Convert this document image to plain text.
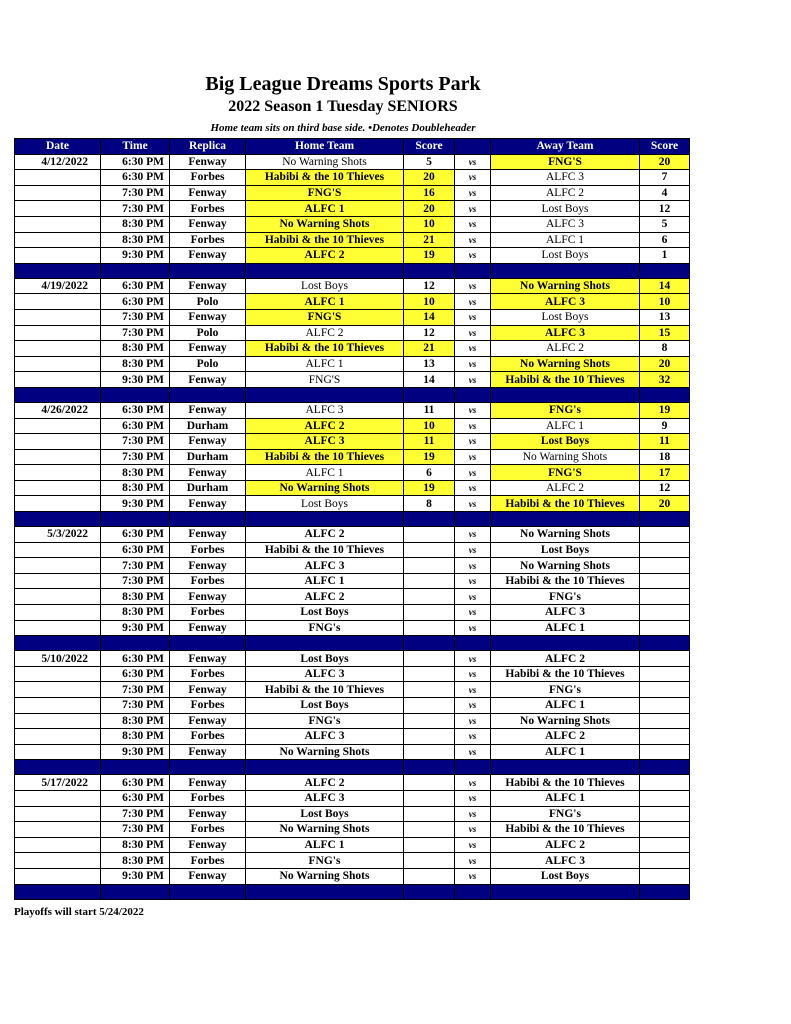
Big League Dreams Sports Park
2022 Season 1 Tuesday SENIORS
Home team sits on third base side. •Denotes Doubleheader
Date	Time	Replica	Home Team	Score		Away Team	Score
4/12/2022	6:30 PM	Fenway	No Warning Shots	5	vs	FNG'S	20
	6:30 PM	Forbes	Habibi & the 10 Thieves	20	vs	ALFC 3	7
	7:30 PM	Fenway	FNG'S	16	vs	ALFC 2	4
	7:30 PM	Forbes	ALFC 1	20	vs	Lost Boys	12
	8:30 PM	Fenway	No Warning Shots	10	vs	ALFC 3	5
	8:30 PM	Forbes	Habibi & the 10 Thieves	21	vs	ALFC 1	6
	9:30 PM	Fenway	ALFC 2	19	vs	Lost Boys	1

4/19/2022	6:30 PM	Fenway	Lost Boys	12	vs	No Warning Shots	14
	6:30 PM	Polo	ALFC 1	10	vs	ALFC 3	10
	7:30 PM	Fenway	FNG'S	14	vs	Lost Boys	13
	7:30 PM	Polo	ALFC 2	12	vs	ALFC 3	15
	8:30 PM	Fenway	Habibi & the 10 Thieves	21	vs	ALFC 2	8
	8:30 PM	Polo	ALFC 1	13	vs	No Warning Shots	20
	9:30 PM	Fenway	FNG'S	14	vs	Habibi & the 10 Thieves	32

4/26/2022	6:30 PM	Fenway	ALFC 3	11	vs	FNG's	19
	6:30 PM	Durham	ALFC 2	10	vs	ALFC 1	9
	7:30 PM	Fenway	ALFC 3	11	vs	Lost Boys	11
	7:30 PM	Durham	Habibi & the 10 Thieves	19	vs	No Warning Shots	18
	8:30 PM	Fenway	ALFC 1	6	vs	FNG'S	17
	8:30 PM	Durham	No Warning Shots	19	vs	ALFC 2	12
	9:30 PM	Fenway	Lost Boys	8	vs	Habibi & the 10 Thieves	20

5/3/2022	6:30 PM	Fenway	ALFC 2		vs	No Warning Shots	
	6:30 PM	Forbes	Habibi & the 10 Thieves		vs	Lost Boys	
	7:30 PM	Fenway	ALFC 3		vs	No Warning Shots	
	7:30 PM	Forbes	ALFC 1		vs	Habibi & the 10 Thieves	
	8:30 PM	Fenway	ALFC 2		vs	FNG's	
	8:30 PM	Forbes	Lost Boys		vs	ALFC 3	
	9:30 PM	Fenway	FNG's		vs	ALFC 1	

5/10/2022	6:30 PM	Fenway	Lost Boys		vs	ALFC 2	
	6:30 PM	Forbes	ALFC 3		vs	Habibi & the 10 Thieves	
	7:30 PM	Fenway	Habibi & the 10 Thieves		vs	FNG's	
	7:30 PM	Forbes	Lost Boys		vs	ALFC 1	
	8:30 PM	Fenway	FNG's		vs	No Warning Shots	
	8:30 PM	Forbes	ALFC 3		vs	ALFC 2	
	9:30 PM	Fenway	No Warning Shots		vs	ALFC 1	

5/17/2022	6:30 PM	Fenway	ALFC 2		vs	Habibi & the 10 Thieves	
	6:30 PM	Forbes	ALFC 3		vs	ALFC 1	
	7:30 PM	Fenway	Lost Boys		vs	FNG's	
	7:30 PM	Forbes	No Warning Shots		vs	Habibi & the 10 Thieves	
	8:30 PM	Fenway	ALFC 1		vs	ALFC 2	
	8:30 PM	Forbes	FNG's		vs	ALFC 3	
	9:30 PM	Fenway	No Warning Shots		vs	Lost Boys	

Playoffs will start 5/24/2022
